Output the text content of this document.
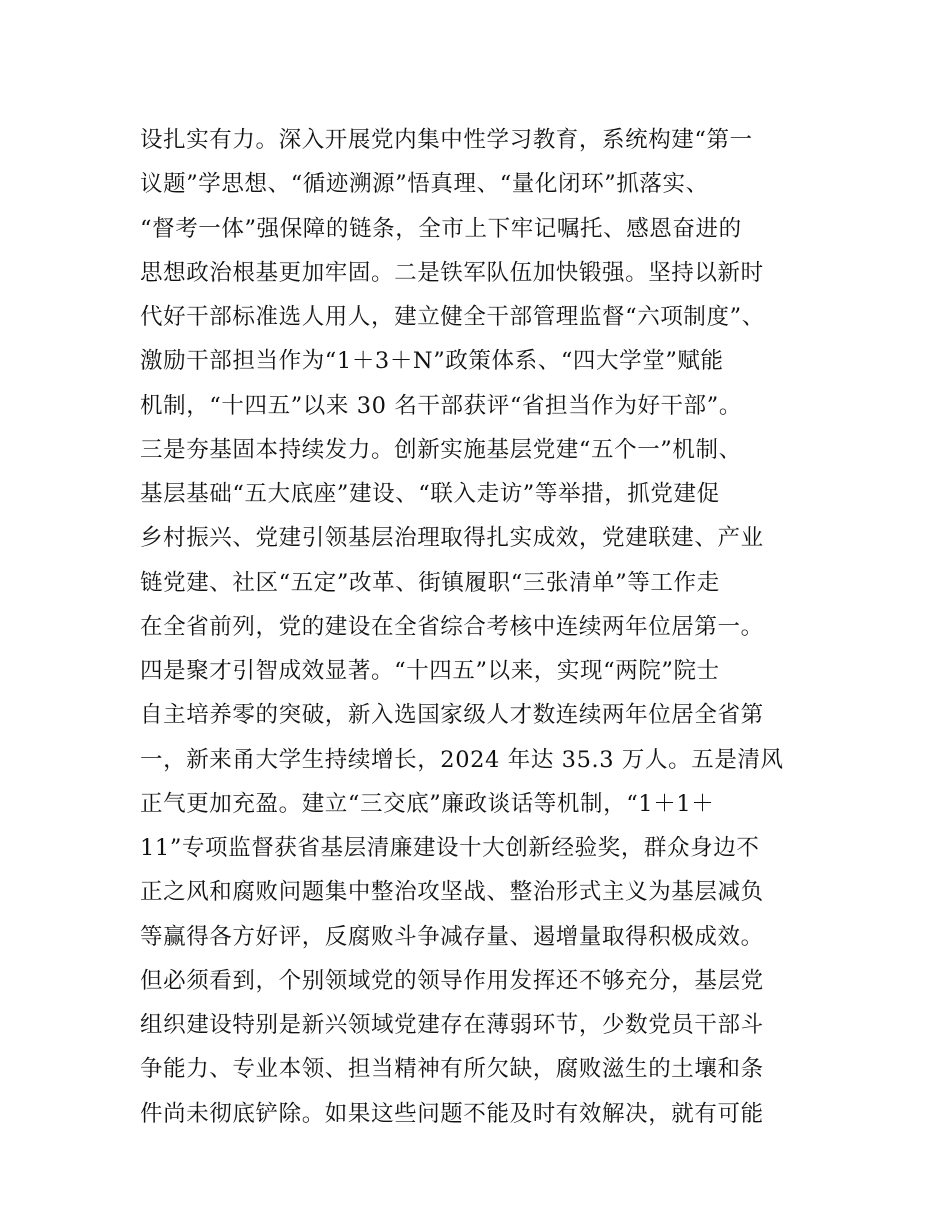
设扎实有力。深入开展党内集中性学习教育，系统构建“第一
议题”学思想、“循迹溯源”悟真理、“量化闭环”抓落实、
“督考一体”强保障的链条，全市上下牢记嘱托、感恩奋进的
思想政治根基更加牢固。二是铁军队伍加快锻强。坚持以新时
代好干部标准选人用人，建立健全干部管理监督“六项制度”、
激励干部担当作为“1＋3＋N”政策体系、“四大学堂”赋能
机制，“十四五”以来 30 名干部获评“省担当作为好干部”。
三是夯基固本持续发力。创新实施基层党建“五个一”机制、
基层基础“五大底座”建设、“联入走访”等举措，抓党建促
乡村振兴、党建引领基层治理取得扎实成效，党建联建、产业
链党建、社区“五定”改革、街镇履职“三张清单”等工作走
在全省前列，党的建设在全省综合考核中连续两年位居第一。
四是聚才引智成效显著。“十四五”以来，实现“两院”院士
自主培养零的突破，新入选国家级人才数连续两年位居全省第
一，新来甬大学生持续增长，2024 年达 35.3 万人。五是清风
正气更加充盈。建立“三交底”廉政谈话等机制，“1＋1＋
11”专项监督获省基层清廉建设十大创新经验奖，群众身边不
正之风和腐败问题集中整治攻坚战、整治形式主义为基层减负
等赢得各方好评，反腐败斗争减存量、遏增量取得积极成效。
但必须看到，个别领域党的领导作用发挥还不够充分，基层党
组织建设特别是新兴领域党建存在薄弱环节，少数党员干部斗
争能力、专业本领、担当精神有所欠缺，腐败滋生的土壤和条
件尚未彻底铲除。如果这些问题不能及时有效解决，就有可能
